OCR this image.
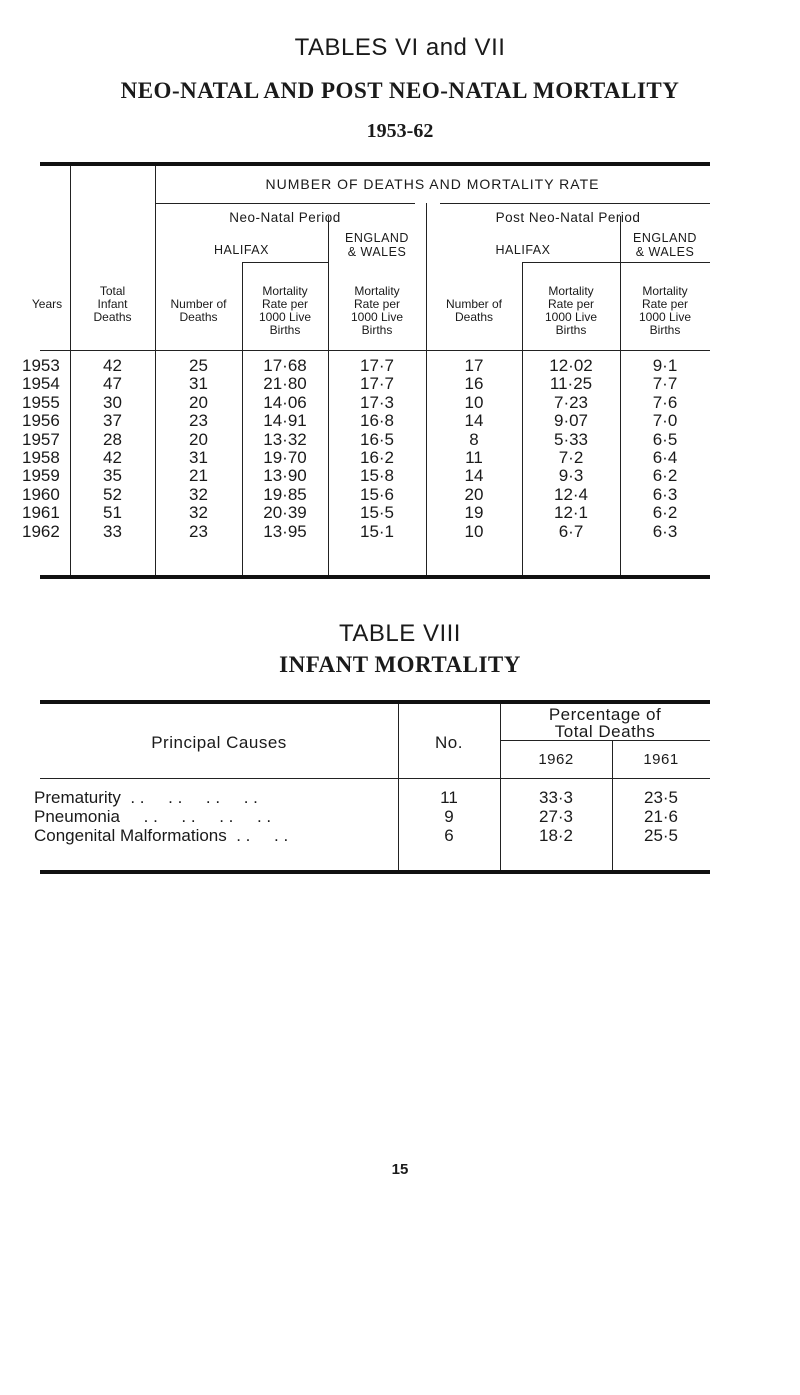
TABLES VI and VII
NEO-NATAL AND POST NEO-NATAL MORTALITY
1953-62
NUMBER OF DEATHS AND MORTALITY RATE
Neo-Natal Period	Post Neo-Natal Period
HALIFAX
ENGLAND
& WALES	HALIFAX
ENGLAND
& WALES
Years
Total
Infant
Deaths
Number of
Deaths
Mortality
Rate per
1000 Live
Births
Mortality
Rate per
1000 Live
Births
Number of
Deaths
Mortality
Rate per
1000 Live
Births
Mortality
Rate per
1000 Live
Births
1953	42	25	17·68	17·7	17	12·02	9·1
1954	47	31	21·80	17·7	16	11·25	7·7
1955	30	20	14·06	17·3	10	7·23	7·6
1956	37	23	14·91	16·8	14	9·07	7·0
1957	28	20	13·32	16·5	8	5·33	6·5
1958	42	31	19·70	16·2	11	7·2	6·4
1959	35	21	13·90	15·8	14	9·3	6·2
1960	52	32	19·85	15·6	20	12·4	6·3
1961	51	32	20·39	15·5	19	12·1	6·2
1962	33	23	13·95	15·1	10	6·7	6·3
TABLE VIII
INFANT MORTALITY
Principal Causes	No.
Percentage of
Total Deaths
1962	1961
Prematurity  . .     . .     . .     . .	11	33·3	23·5
Pneumonia     . .     . .     . .     . .	9	27·3	21·6
Congenital Malformations  . .     . .	6	18·2	25·5
15
